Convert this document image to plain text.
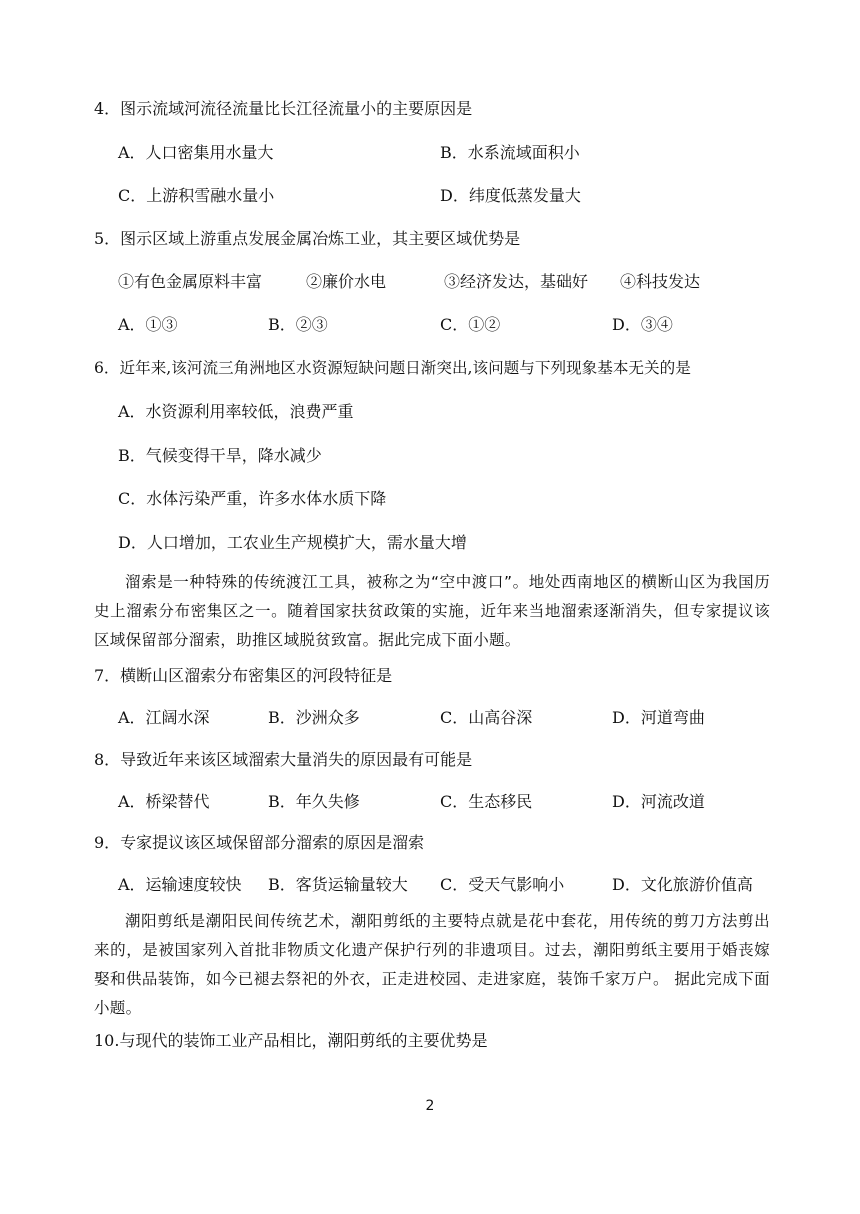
4．图示流域河流径流量比长江径流量小的主要原因是
A．人口密集用水量大	B．水系流域面积小
C．上游积雪融水量小	D．纬度低蒸发量大
5．图示区域上游重点发展金属冶炼工业，其主要区域优势是
①有色金属原料丰富	②廉价水电	③经济发达，基础好 ④科技发达
A．①③	B．②③	C．①②	D．③④
6．近年来,该河流三角洲地区水资源短缺问题日渐突出,该问题与下列现象基本无关的是
A．水资源利用率较低，浪费严重
B．气候变得干旱，降水减少
C．水体污染严重，许多水体水质下降
D．人口增加，工农业生产规模扩大，需水量大增

溜索是一种特殊的传统渡江工具，被称之为“空中渡口”。地处西南地区的横断山区为我国历史上溜索分布密集区之一。随着国家扶贫政策的实施，近年来当地溜索逐渐消失，但专家提议该区域保留部分溜索，助推区域脱贫致富。据此完成下面小题。

7．横断山区溜索分布密集区的河段特征是
A．江阔水深	B．沙洲众多	C．山高谷深	D．河道弯曲
8．导致近年来该区域溜索大量消失的原因最有可能是
A．桥梁替代	B．年久失修	C．生态移民	D．河流改道
9．专家提议该区域保留部分溜索的原因是溜索
A．运输速度较快 B．客货运输量较大 C．受天气影响小	D．文化旅游价值高

潮阳剪纸是潮阳民间传统艺术，潮阳剪纸的主要特点就是花中套花，用传统的剪刀方法剪出来的，是被国家列入首批非物质文化遗产保护行列的非遗项目。过去，潮阳剪纸主要用于婚丧嫁娶和供品装饰，如今已褪去祭祀的外衣，正走进校园、走进家庭，装饰千家万户。 据此完成下面小题。

10.与现代的装饰工业产品相比，潮阳剪纸的主要优势是
2
